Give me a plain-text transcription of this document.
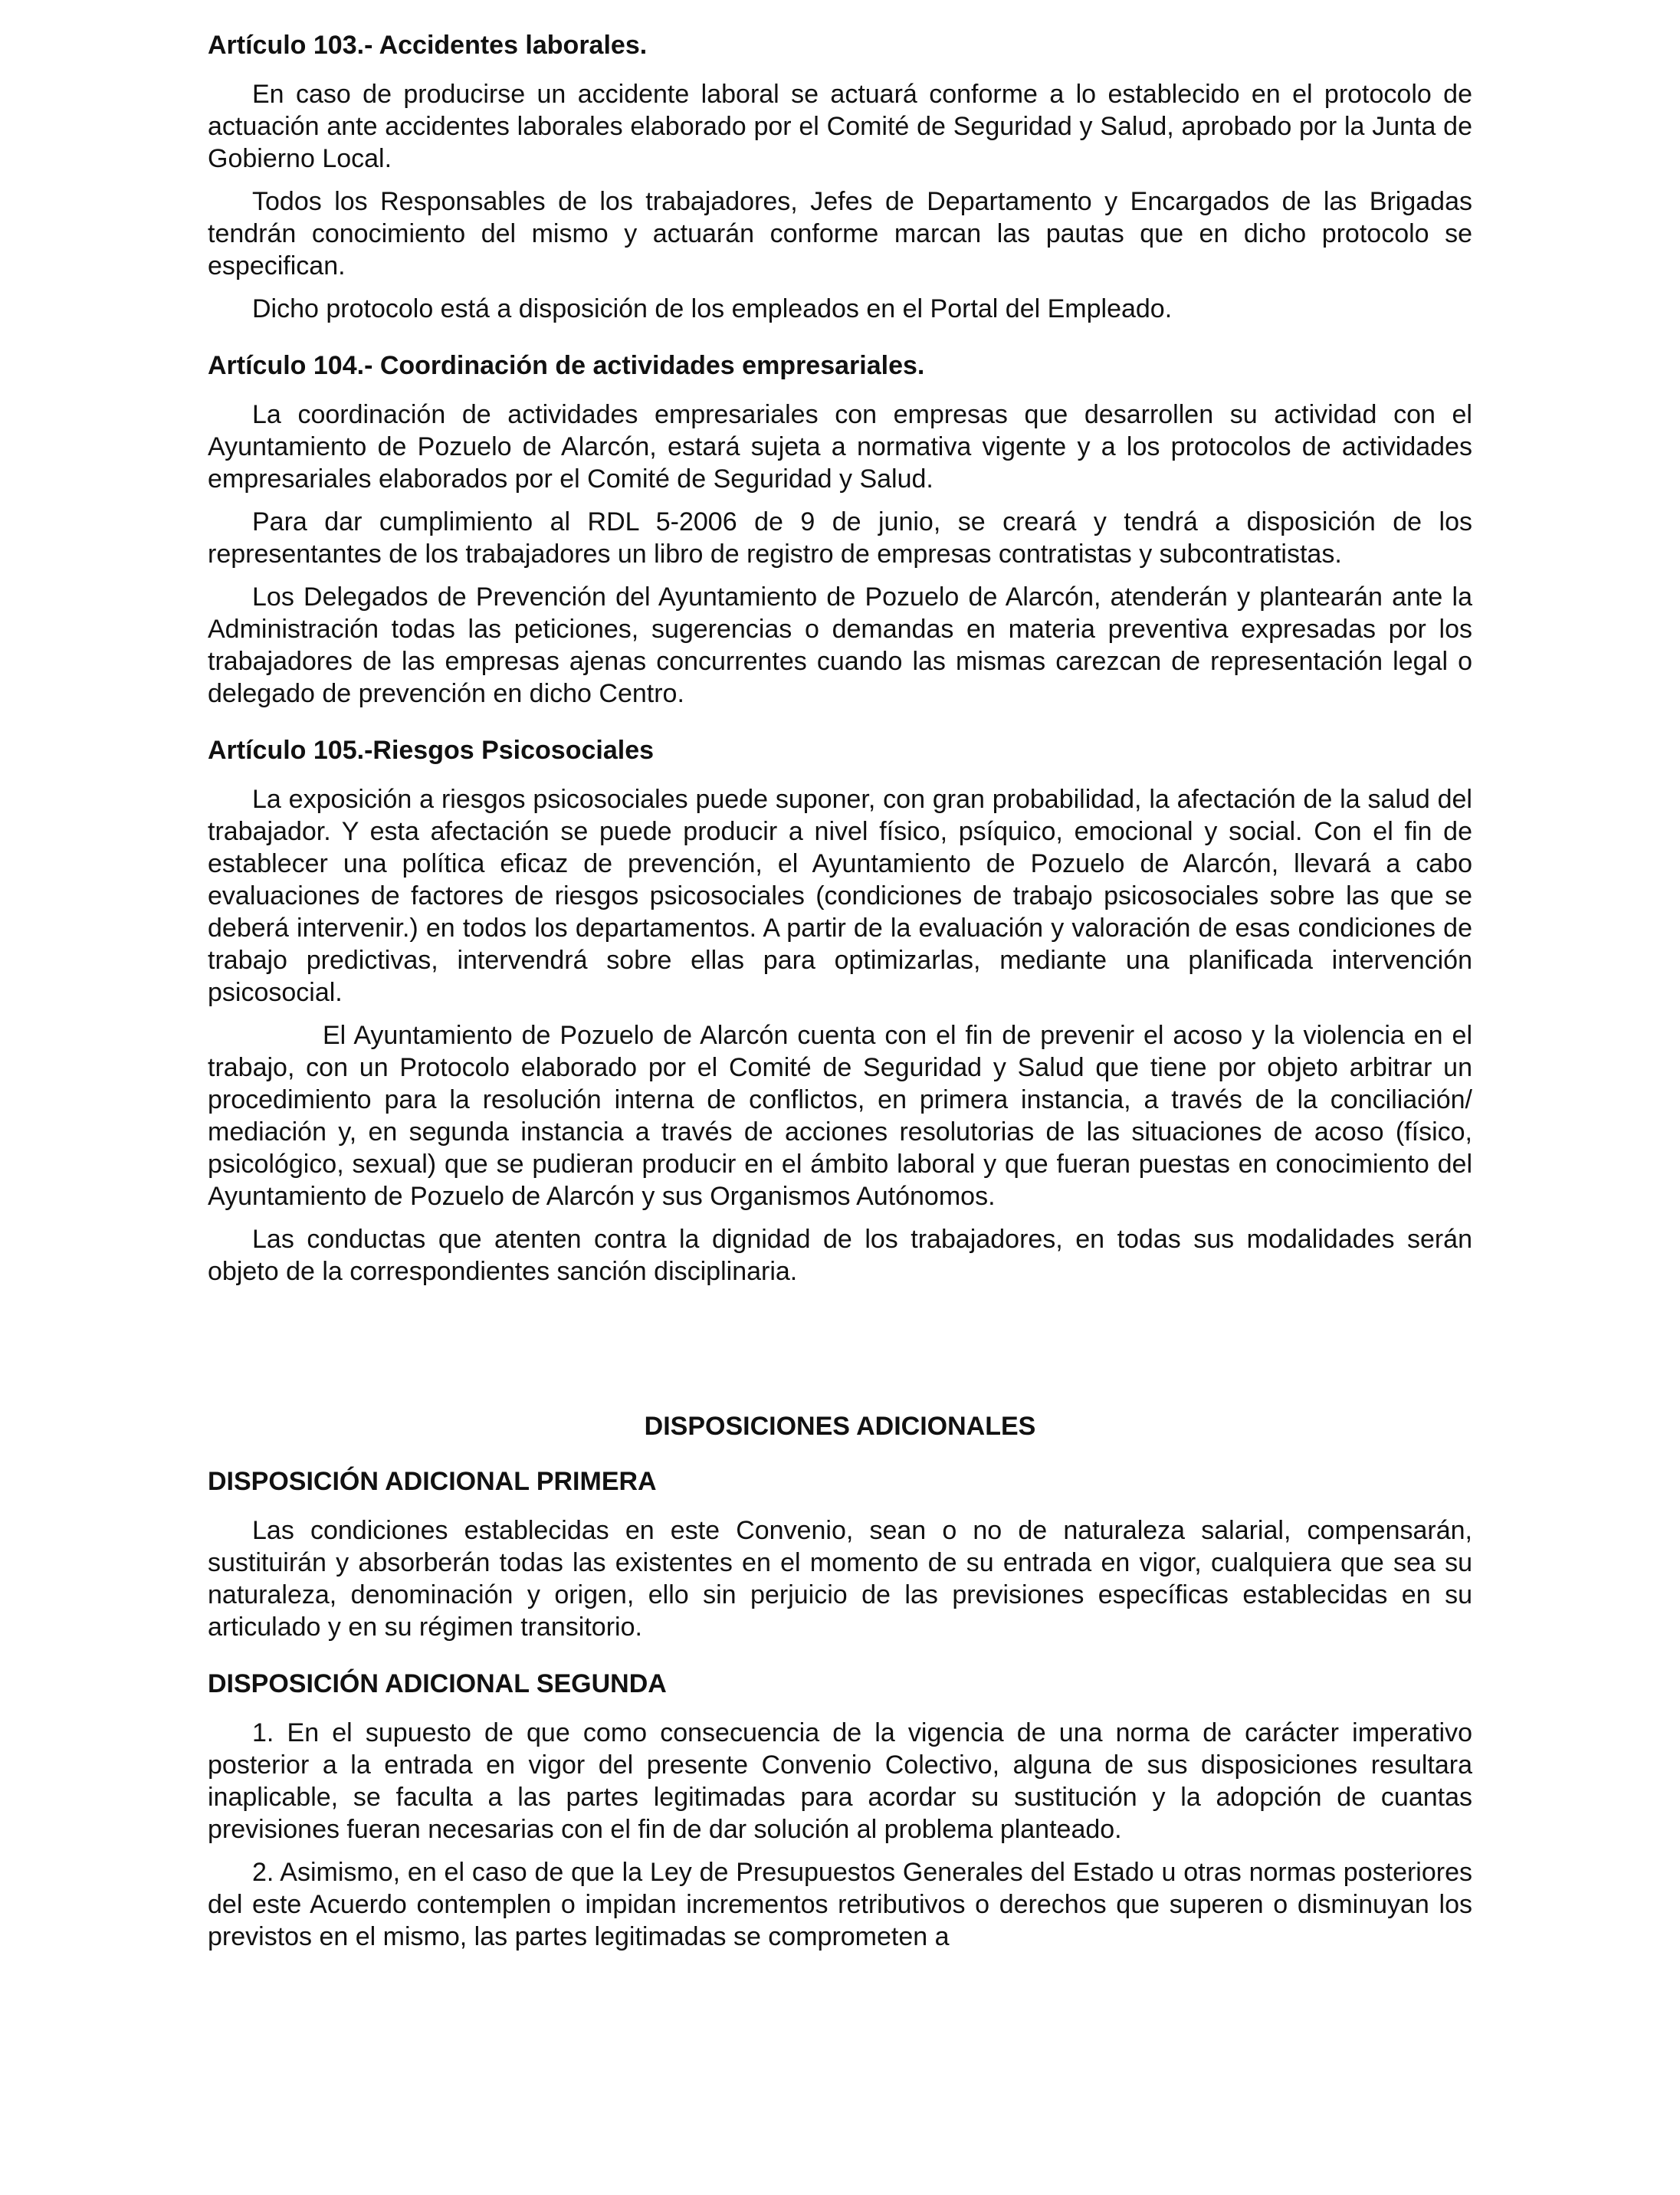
Artículo 103.- Accidentes laborales.

En caso de producirse un accidente laboral se actuará conforme a lo establecido en el protocolo de actuación ante accidentes laborales elaborado por el Comité de Seguridad y Salud, aprobado por la Junta de Gobierno Local.

Todos los Responsables de los trabajadores, Jefes de Departamento y Encargados de las Brigadas tendrán conocimiento del mismo y actuarán conforme marcan las pautas que en dicho protocolo se especifican.

Dicho protocolo está a disposición de los empleados en el Portal del Empleado.

Artículo 104.- Coordinación de actividades empresariales.

La coordinación de actividades empresariales con empresas que desarrollen su actividad con el Ayuntamiento de Pozuelo de Alarcón, estará sujeta a normativa vigente y a los protocolos de actividades empresariales elaborados por el Comité de Seguridad y Salud.

Para dar cumplimiento al RDL 5-2006 de 9 de junio, se creará y tendrá a disposición de los representantes de los trabajadores un libro de registro de empresas contratistas y subcontratistas.

Los Delegados de Prevención del Ayuntamiento de Pozuelo de Alarcón, atenderán y plantearán ante la Administración todas las peticiones, sugerencias o demandas en materia preventiva expresadas por los trabajadores de las empresas ajenas concurrentes cuando las mismas carezcan de representación legal o delegado de prevención en dicho Centro.

Artículo 105.-Riesgos Psicosociales

La exposición a riesgos psicosociales puede suponer, con gran probabilidad, la afectación de la salud del trabajador. Y esta afectación se puede producir a nivel físico, psíquico, emocional y social. Con el fin de establecer una política eficaz de prevención, el Ayuntamiento de Pozuelo de Alarcón, llevará a cabo evaluaciones de factores de riesgos psicosociales (condiciones de trabajo psicosociales sobre las que se deberá intervenir.) en todos los departamentos. A partir de la evaluación y valoración de esas condiciones de trabajo predictivas, intervendrá sobre ellas para optimizarlas, mediante una planificada intervención psicosocial.

El Ayuntamiento de Pozuelo de Alarcón cuenta con el fin de prevenir el acoso y la violencia en el trabajo, con un Protocolo elaborado por el Comité de Seguridad y Salud que tiene por objeto arbitrar un procedimiento para la resolución interna de conflictos, en primera instancia, a través de la conciliación/ mediación y, en segunda instancia a través de acciones resolutorias de las situaciones de acoso (físico, psicológico, sexual) que se pudieran producir en el ámbito laboral y que fueran puestas en conocimiento del Ayuntamiento de Pozuelo de Alarcón y sus Organismos Autónomos.

Las conductas que atenten contra la dignidad de los trabajadores, en todas sus modalidades serán objeto de la correspondientes sanción disciplinaria.

DISPOSICIONES ADICIONALES
DISPOSICIÓN ADICIONAL PRIMERA

Las condiciones establecidas en este Convenio, sean o no de naturaleza salarial, compensarán, sustituirán y absorberán todas las existentes en el momento de su entrada en vigor, cualquiera que sea su naturaleza, denominación y origen, ello sin perjuicio de las previsiones específicas establecidas en su articulado y en su régimen transitorio.

DISPOSICIÓN ADICIONAL SEGUNDA

1. En el supuesto de que como consecuencia de la vigencia de una norma de carácter imperativo posterior a la entrada en vigor del presente Convenio Colectivo, alguna de sus disposiciones resultara inaplicable, se faculta a las partes legitimadas para acordar su sustitución y la adopción de cuantas previsiones fueran necesarias con el fin de dar solución al problema planteado.

2. Asimismo, en el caso de que la Ley de Presupuestos Generales del Estado u otras normas posteriores del este Acuerdo contemplen o impidan incrementos retributivos o derechos que superen o disminuyan los previstos en el mismo, las partes legitimadas se comprometen a
